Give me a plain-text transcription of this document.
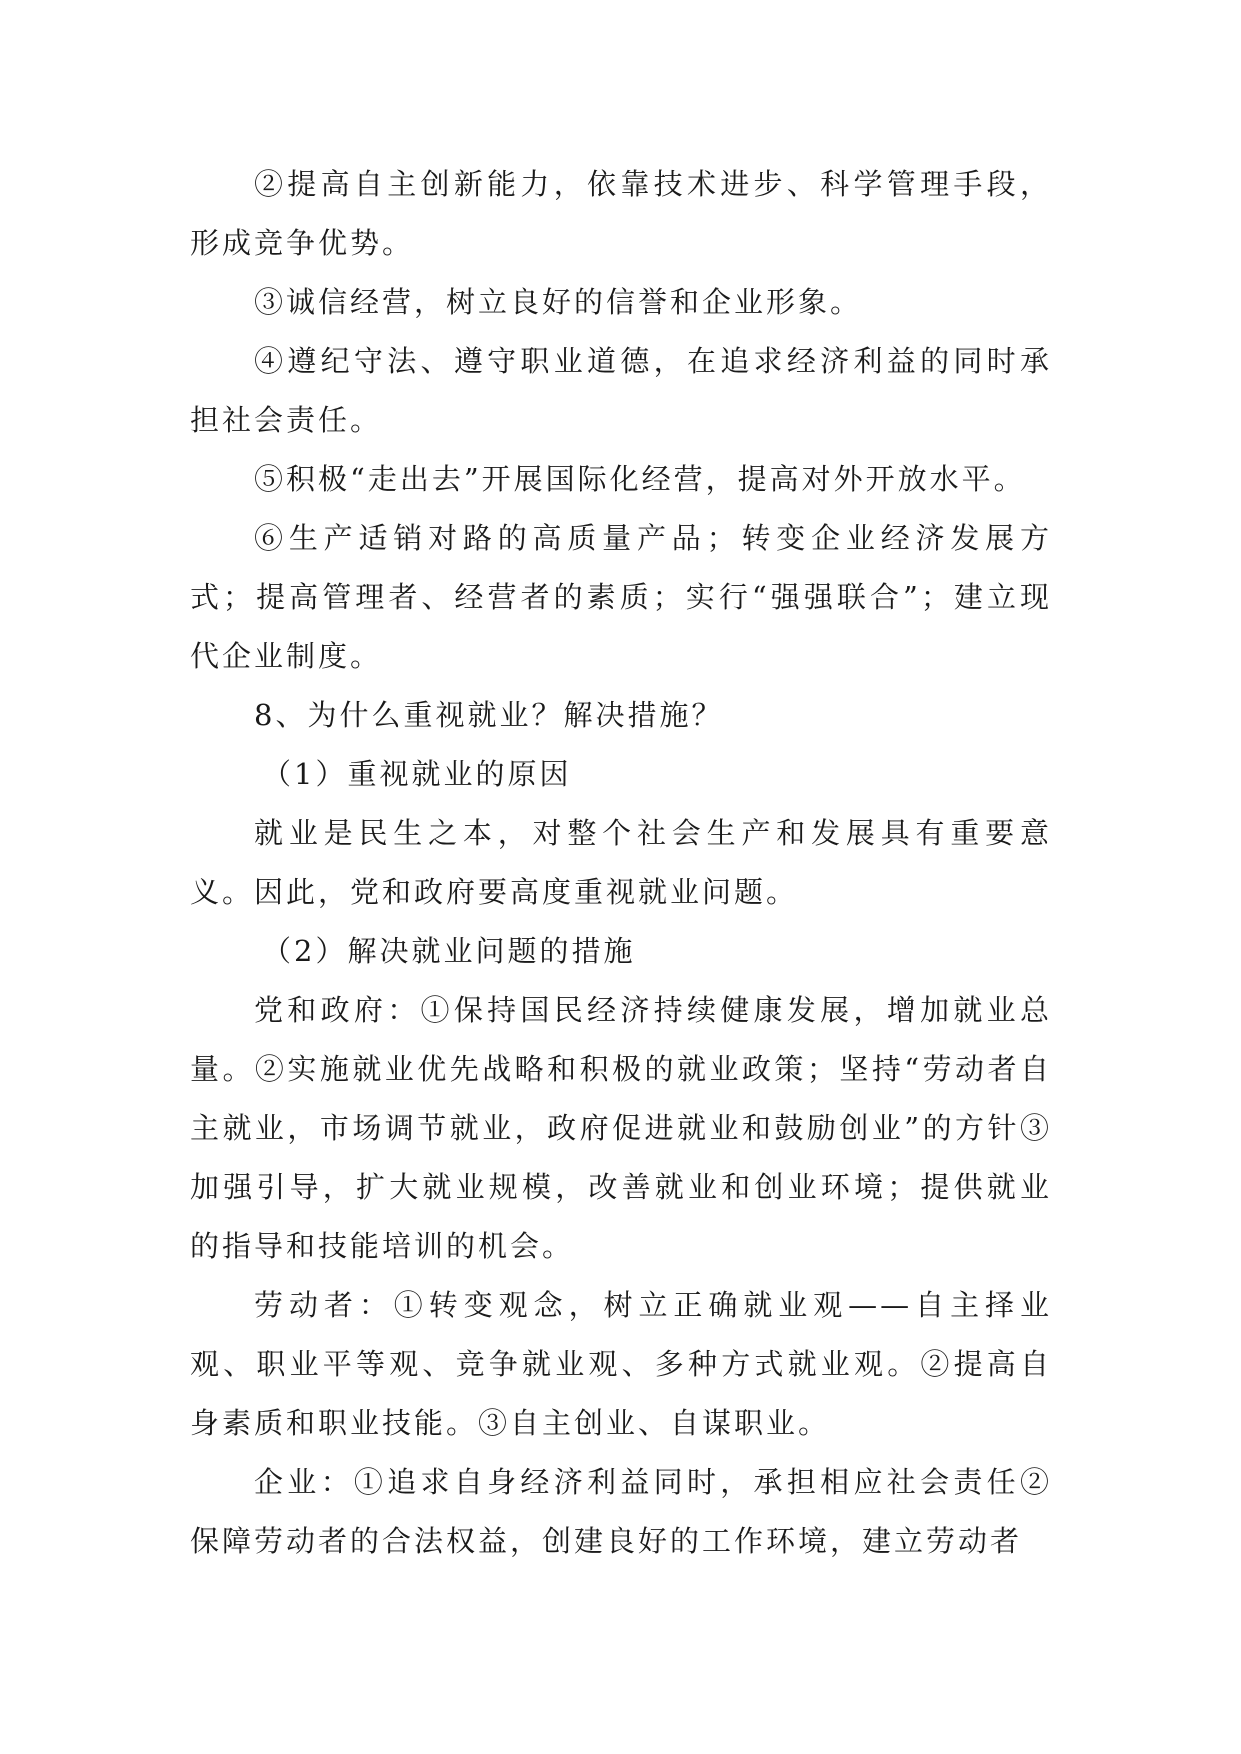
②提高自主创新能力，依靠技术进步、科学管理手段，形成竞争优势。

③诚信经营，树立良好的信誉和企业形象。

④遵纪守法、遵守职业道德，在追求经济利益的同时承担社会责任。

⑤积极“走出去”开展国际化经营，提高对外开放水平。

⑥生产适销对路的高质量产品；转变企业经济发展方式；提高管理者、经营者的素质；实行“强强联合”；建立现代企业制度。

8、为什么重视就业？解决措施？

（1）重视就业的原因

就业是民生之本，对整个社会生产和发展具有重要意义。因此，党和政府要高度重视就业问题。

（2）解决就业问题的措施

党和政府：①保持国民经济持续健康发展，增加就业总量。②实施就业优先战略和积极的就业政策；坚持“劳动者自主就业，市场调节就业，政府促进就业和鼓励创业”的方针③加强引导，扩大就业规模，改善就业和创业环境；提供就业的指导和技能培训的机会。

劳动者：①转变观念，树立正确就业观——自主择业观、职业平等观、竞争就业观、多种方式就业观。②提高自身素质和职业技能。③自主创业、自谋职业。

企业：①追求自身经济利益同时，承担相应社会责任②保障劳动者的合法权益，创建良好的工作环境，建立劳动者
